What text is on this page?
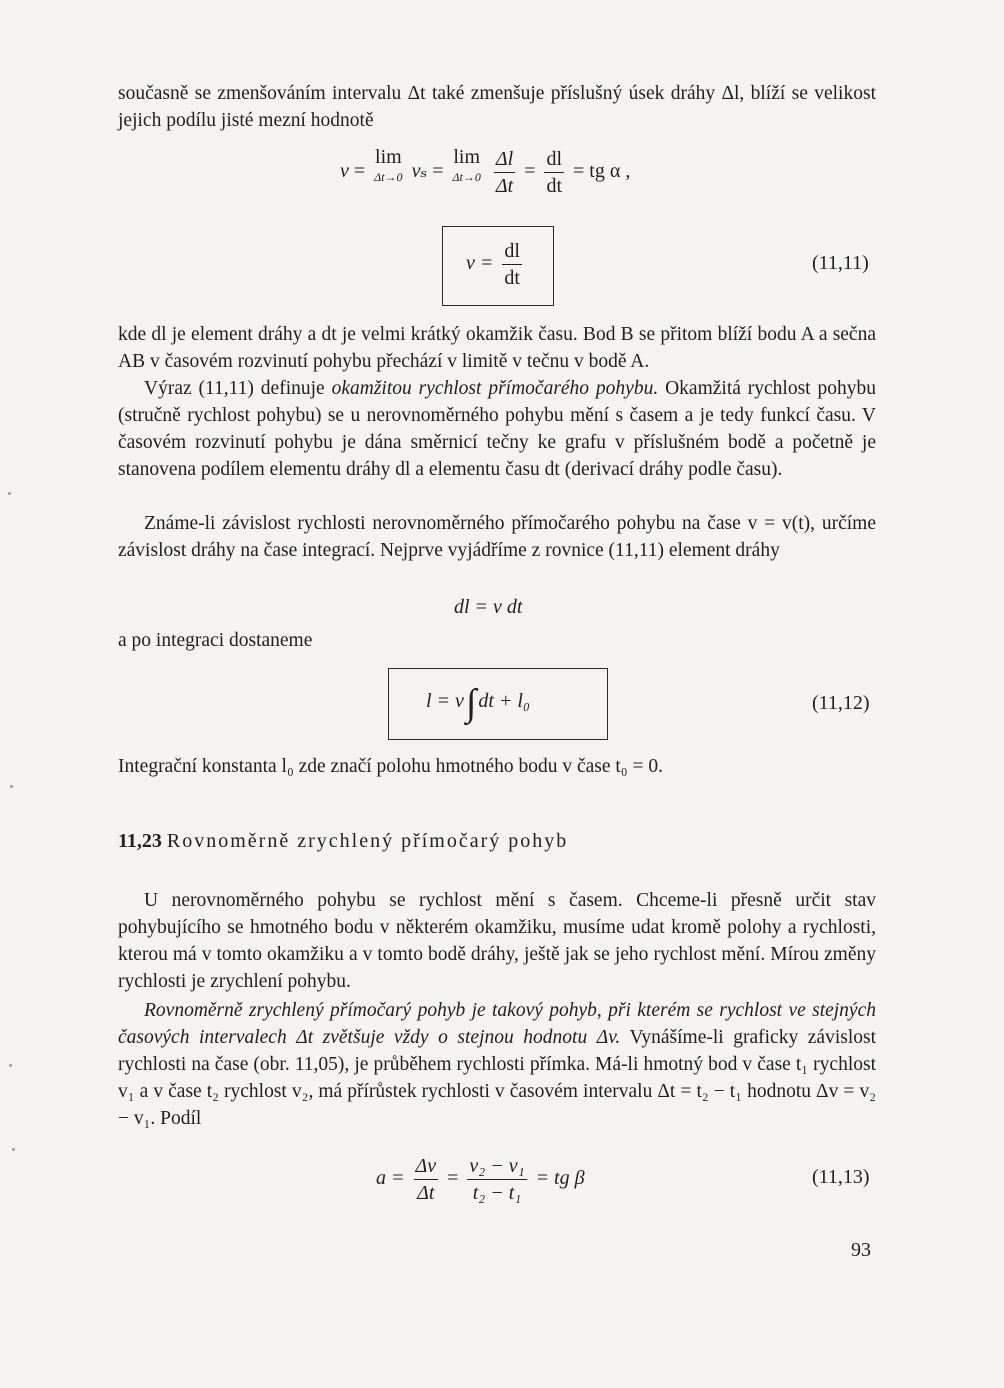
současně se zmenšováním intervalu Δt také zmenšuje příslušný úsek dráhy Δl, blíží se velikost jejich podílu jisté mezní hodnotě

v = lim
Δt→0 vₛ = lim
Δt→0
$\frac{\Delta l}{\Delta t} = \frac{dl}{dt}$ = tg α ,
$v = \frac{dl}{dt}$	(11,11)

kde dl je element dráhy a dt je velmi krátký okamžik času. Bod B se přitom blíží bodu A a sečna AB v časovém rozvinutí pohybu přechází v limitě v tečnu v bodě A.

Výraz (11,11) definuje okamžitou rychlost přímočarého pohybu. Okamžitá rychlost pohybu (stručně rychlost pohybu) se u nerovnoměrného pohybu mění s časem a je tedy funkcí času. V časovém rozvinutí pohybu je dána směrnicí tečny ke grafu v příslušném bodě a početně je stanovena podílem elementu dráhy dl a elementu času dt (derivací dráhy podle času).

Známe-li závislost rychlosti nerovnoměrného přímočarého pohybu na čase v = v(t), určíme závislost dráhy na čase integrací. Nejprve vyjádříme z rovnice (11,11) element dráhy

dl = v dt

a po integraci dostaneme

l = v∫ dt + l₀	(11,12)

Integrační konstanta l₀ zde značí polohu hmotného bodu v čase t₀ = 0.

11,23 Rovnoměrně zrychlený přímočarý pohyb

U nerovnoměrného pohybu se rychlost mění s časem. Chceme-li přesně určit stav pohybujícího se hmotného bodu v některém okamžiku, musíme udat kromě polohy a rychlosti, kterou má v tomto okamžiku a v tomto bodě dráhy, ještě jak se jeho rychlost mění. Mírou změny rychlosti je zrychlení pohybu.

Rovnoměrně zrychlený přímočarý pohyb je takový pohyb, při kterém se rychlost ve stejných časových intervalech Δt zvětšuje vždy o stejnou hodnotu Δv. Vynášíme-li graficky závislost rychlosti na čase (obr. 11,05), je průběhem rychlosti přímka. Má-li hmotný bod v čase t₁ rychlost v₁ a v čase t₂ rychlost v₂, má přírůstek rychlosti v časovém intervalu Δt = t₂ − t₁ hodnotu Δv = v₂ − v₁. Podíl

$a = \frac{\Delta v}{\Delta t} = \frac{\text{v₂ − v₁}}{\text{t₂ − t₁}}$ = tg β	(11,13)
93
